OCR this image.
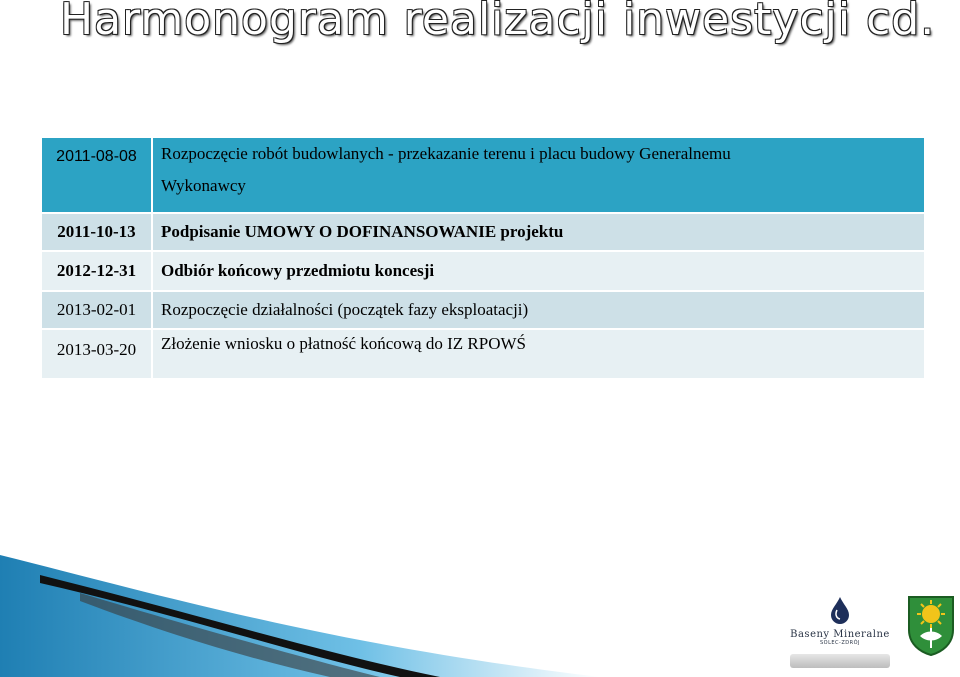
Harmonogram realizacji inwestycji cd.
2011-08-08	Rozpoczęcie robót budowlanych - przekazanie terenu i placu budowy Generalnemu
Wykonawcy

2011-10-13	Podpisanie UMOWY O DOFINANSOWANIE projektu
2012-12-31	Odbiór końcowy przedmiotu koncesji
2013-02-01	Rozpoczęcie działalności (początek fazy eksploatacji)
2013-03-20	Złożenie wniosku o płatność końcową do IZ RPOWŚ
Baseny Mineralne
SOLEC-ZDRÓJ
